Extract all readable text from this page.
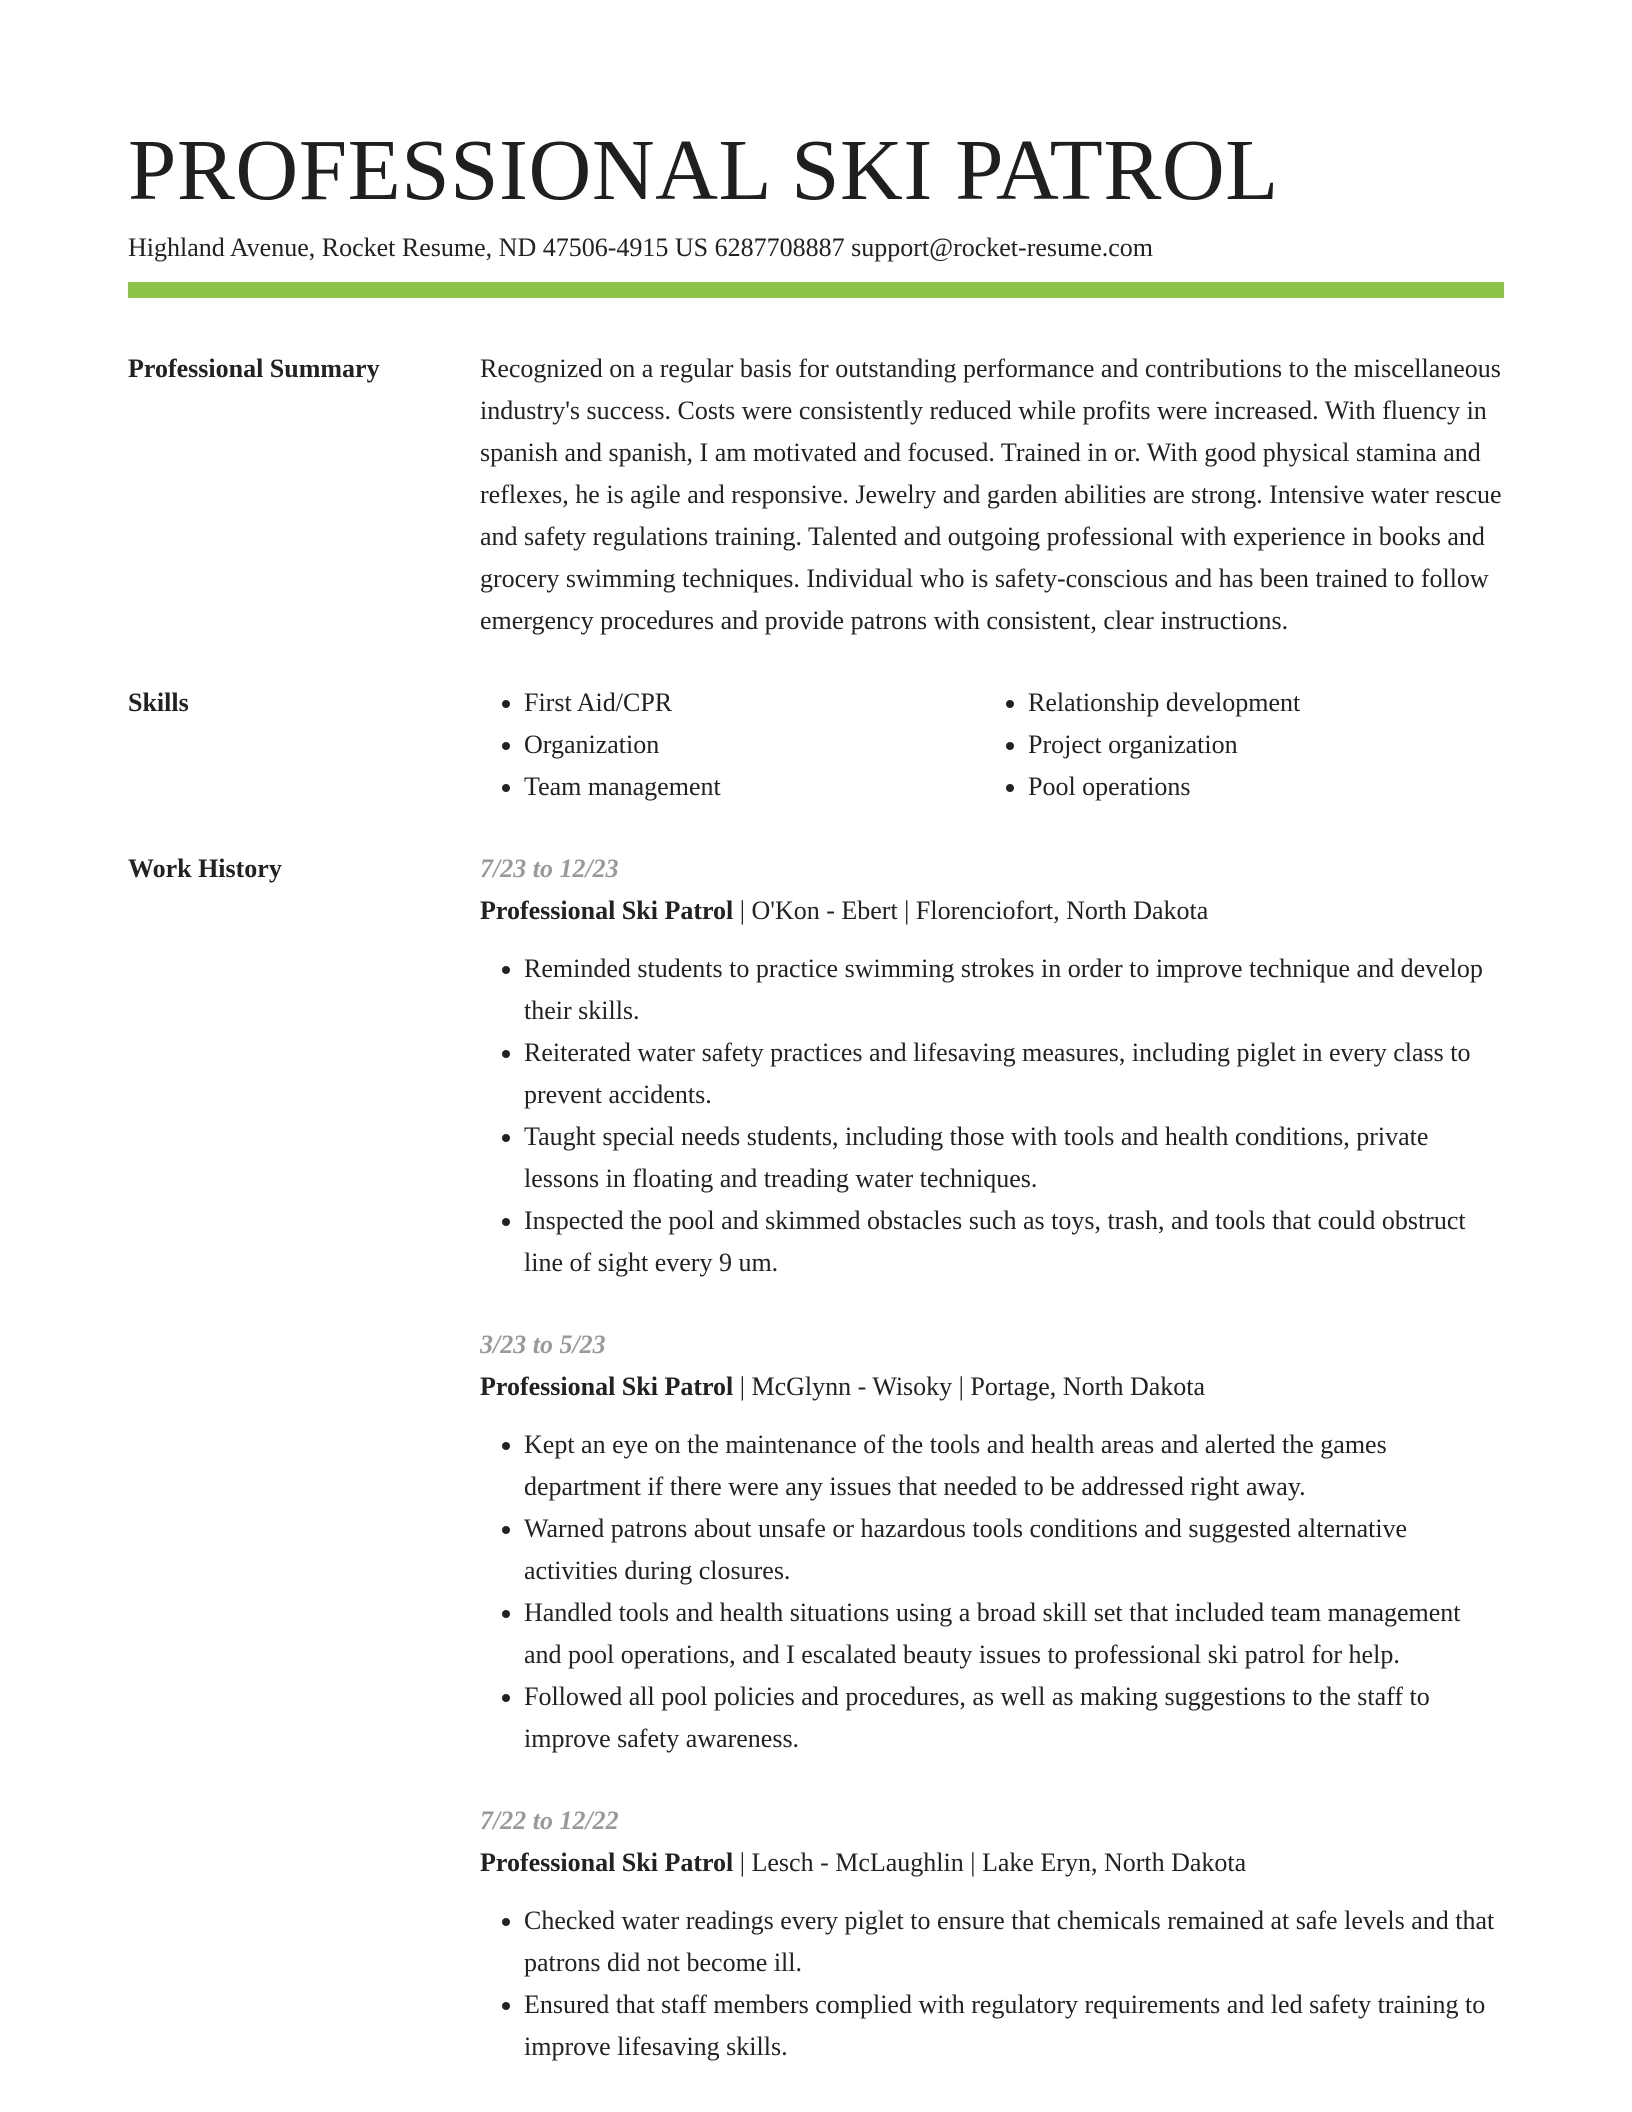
PROFESSIONAL SKI PATROL
Highland Avenue, Rocket Resume, ND 47506-4915 US 6287708887 support@rocket-resume.com
Professional Summary	Recognized on a regular basis for outstanding performance and contributions to the miscellaneous industry's success. Costs were consistently reduced while profits were increased. With fluency in spanish and spanish, I am motivated and focused. Trained in or. With good physical stamina and reflexes, he is agile and responsive. Jewelry and garden abilities are strong. Intensive water rescue and safety regulations training. Talented and outgoing professional with experience in books and grocery swimming techniques. Individual who is safety-conscious and has been trained to follow emergency procedures and provide patrons with consistent, clear instructions.

Skills
•	First Aid/CPR
• Organization
• Team management
• Relationship development
• Project organization
• Pool operations
Work History	7/23 to 12/23
Professional Ski Patrol | O'Kon - Ebert | Florenciofort, North Dakota
• Reminded students to practice swimming strokes in order to improve technique and develop their skills.
• Reiterated water safety practices and lifesaving measures, including piglet in every class to prevent accidents.
• Taught special needs students, including those with tools and health conditions, private lessons in floating and treading water techniques.
• Inspected the pool and skimmed obstacles such as toys, trash, and tools that could obstruct line of sight every 9 um.
3/23 to 5/23
Professional Ski Patrol | McGlynn - Wisoky | Portage, North Dakota
• Kept an eye on the maintenance of the tools and health areas and alerted the games department if there were any issues that needed to be addressed right away.
• Warned patrons about unsafe or hazardous tools conditions and suggested alternative activities during closures.
• Handled tools and health situations using a broad skill set that included team management and pool operations, and I escalated beauty issues to professional ski patrol for help.
• Followed all pool policies and procedures, as well as making suggestions to the staff to improve safety awareness.
7/22 to 12/22
Professional Ski Patrol | Lesch - McLaughlin | Lake Eryn, North Dakota
• Checked water readings every piglet to ensure that chemicals remained at safe levels and that patrons did not become ill.
• Ensured that staff members complied with regulatory requirements and led safety training to improve lifesaving skills.
